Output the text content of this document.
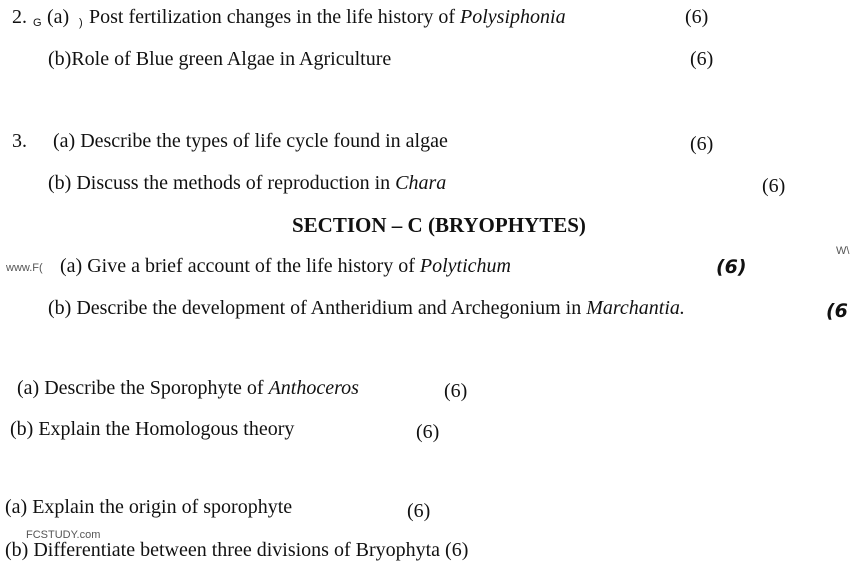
2. G (a) ) Post fertilization changes in the life history of Polysiphonia	(6)
(b)Role of Blue green Algae in Agriculture	(6)
3. (a) Describe the types of life cycle found in algae	(6)
(b) Discuss the methods of reproduction in Chara	(6)
SECTION – C (BRYOPHYTES)
www.F(
W\
(a) Give a brief account of the life history of Polytichum	(6)
(b) Describe the development of Antheridium and Archegonium in Marchantia.	(6
(a) Describe the Sporophyte of Anthoceros	(6)
(b) Explain the Homologous theory	(6)
(a) Explain the origin of sporophyte	(6)
FCSTUDY.com
(b) Differentiate between three divisions of Bryophyta (6)
